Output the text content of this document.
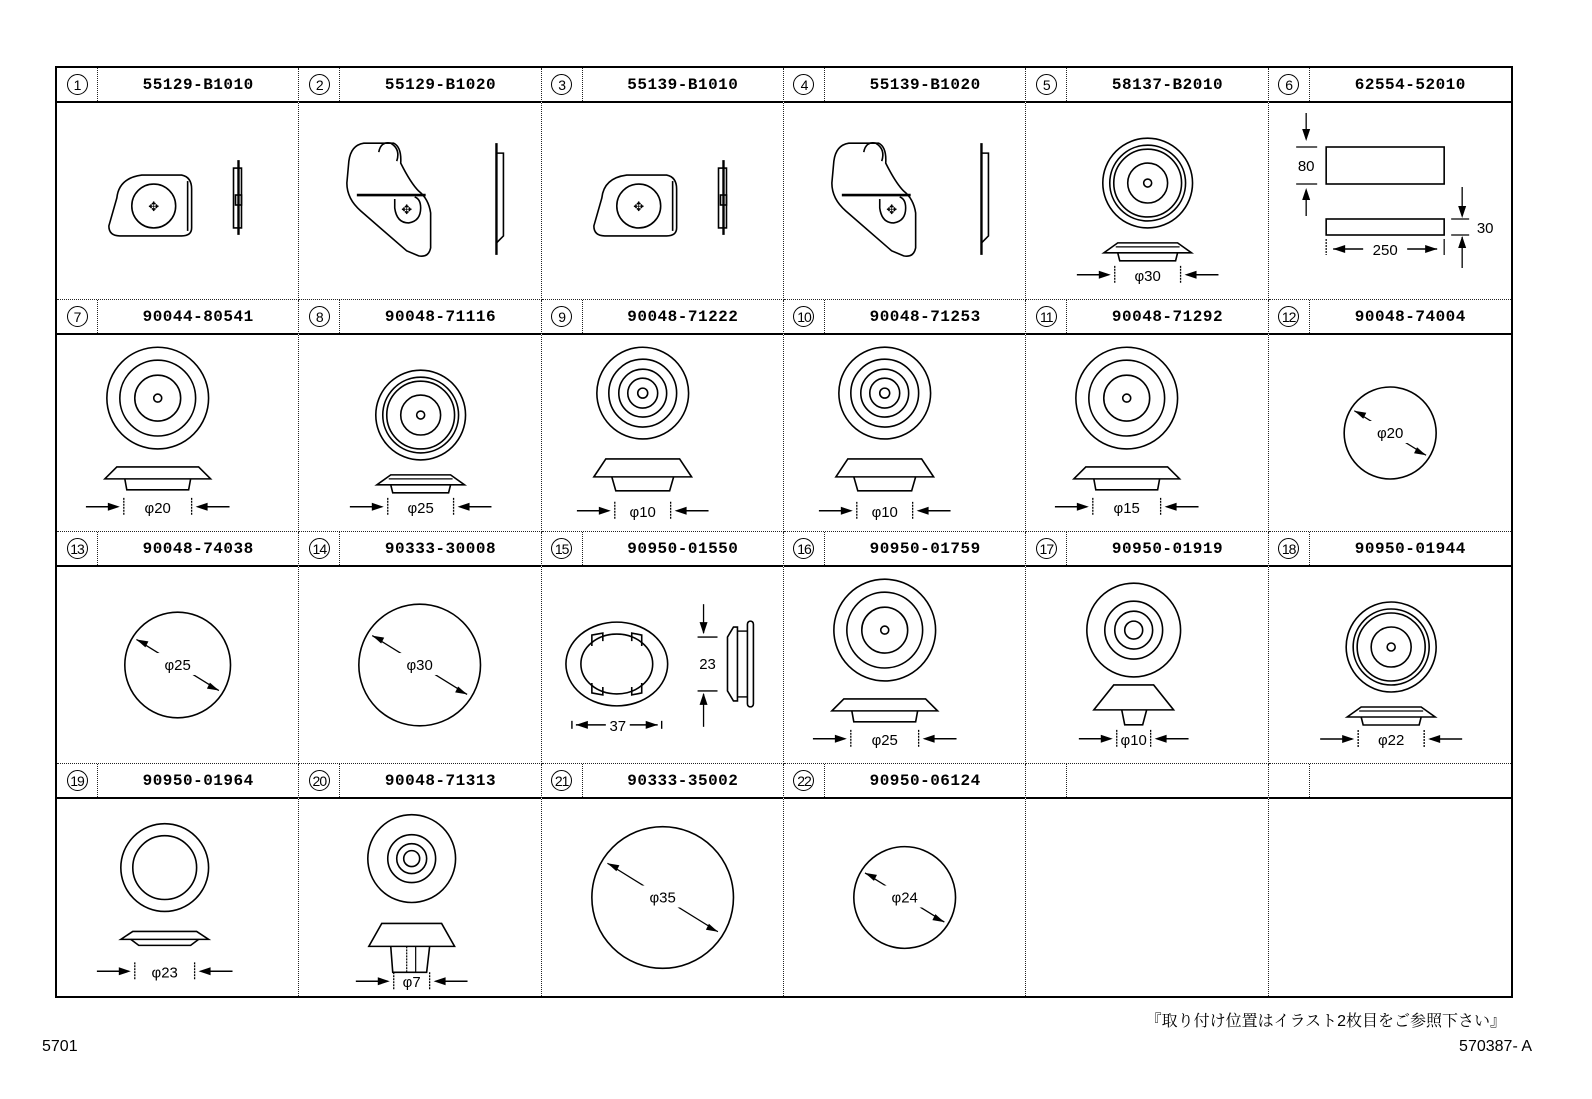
1	55129-B1010
✥
2	55129-B1020
✥
3	55139-B1010
✥
4	55139-B1020
✥
5	58137-B2010
φ30
6	62554-52010
80
250
30
7	90044-80541
φ20
8	90048-71116
φ25
9	90048-71222
φ10
10	90048-71253
φ10
11	90048-71292
φ15
12	90048-74004
φ20
13	90048-74038
φ25
14	90333-30008
φ30
15	90950-01550
37
23
16	90950-01759
φ25
17	90950-01919
φ10
18	90950-01944
φ22
19	90950-01964
φ23
20	90048-71313
φ7
21	90333-35002
φ35
22	90950-06124
φ24
『取り付け位置はイラスト2枚目をご参照下さい』
5701	570387- A
